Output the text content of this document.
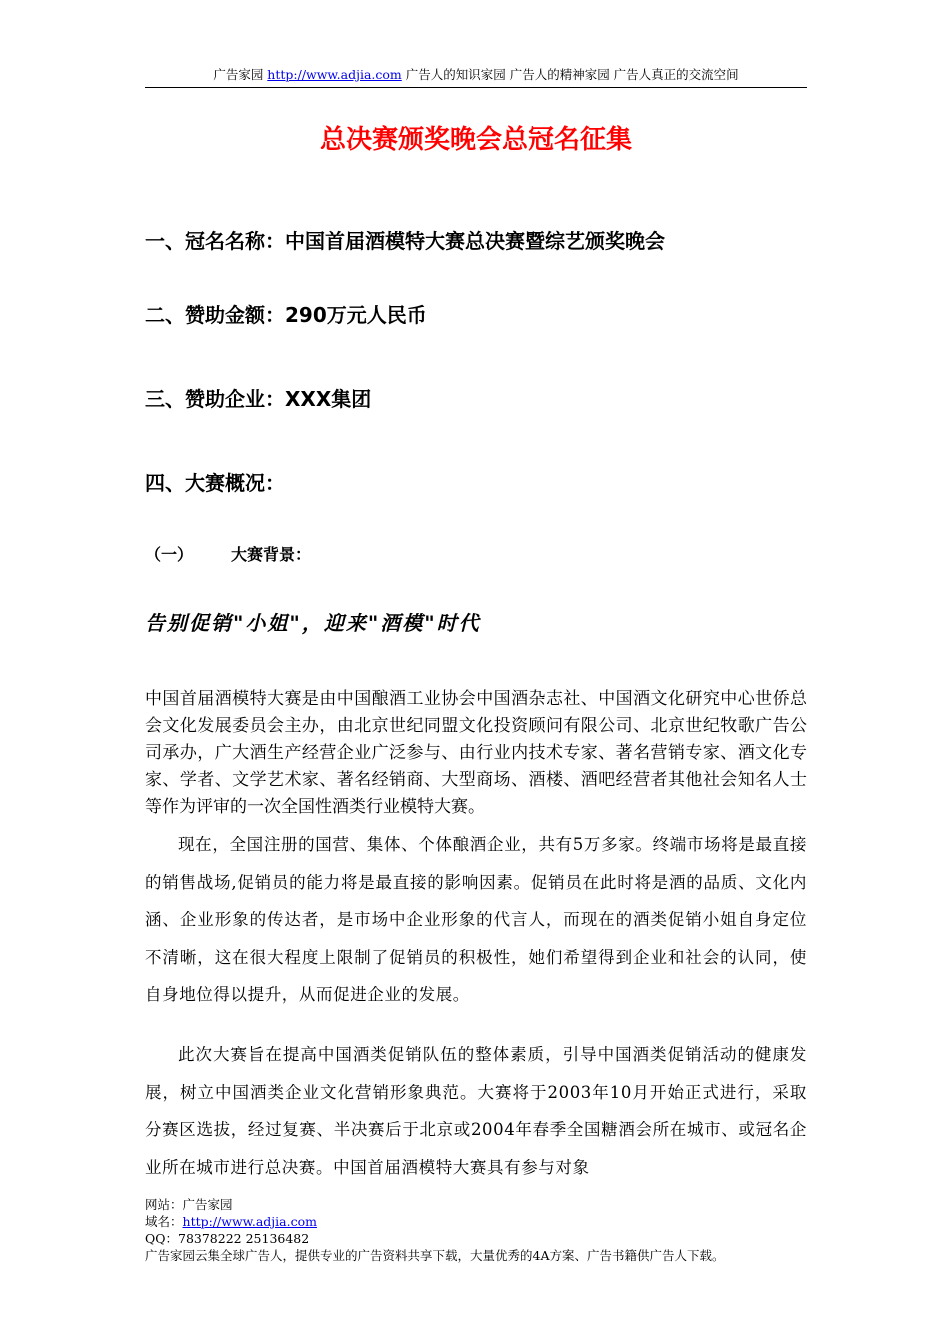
广告家园 http://www.adjia.com 广告人的知识家园 广告人的精神家园 广告人真正的交流空间
总决赛颁奖晚会总冠名征集
一、冠名名称：中国首届酒模特大赛总决赛暨综艺颁奖晚会
二、赞助金额：290万元人民币
三、赞助企业：XXX集团
四、大赛概况：
（一） 大赛背景：
告别促销"小姐"，迎来"酒模"时代
中国首届酒模特大赛是由中国酿酒工业协会中国酒杂志社、中国酒文化研究中心世侨总会文化发展委员会主办，由北京世纪同盟文化投资顾问有限公司、北京世纪牧歌广告公司承办，广大酒生产经营企业广泛参与、由行业内技术专家、著名营销专家、酒文化专家、学者、文学艺术家、著名经销商、大型商场、酒楼、酒吧经营者其他社会知名人士等作为评审的一次全国性酒类行业模特大赛。
现在，全国注册的国营、集体、个体酿酒企业，共有5万多家。终端市场将是最直接的销售战场,促销员的能力将是最直接的影响因素。促销员在此时将是酒的品质、文化内涵、企业形象的传达者，是市场中企业形象的代言人，而现在的酒类促销小姐自身定位不清晰，这在很大程度上限制了促销员的积极性，她们希望得到企业和社会的认同，使自身地位得以提升，从而促进企业的发展。
此次大赛旨在提高中国酒类促销队伍的整体素质，引导中国酒类促销活动的健康发展，树立中国酒类企业文化营销形象典范。大赛将于2003年10月开始正式进行，采取分赛区选拔，经过复赛、半决赛后于北京或2004年春季全国糖酒会所在城市、或冠名企业所在城市进行总决赛。中国首届酒模特大赛具有参与对象
网站：广告家园
域名：http://www.adjia.com
QQ：78378222 25136482
广告家园云集全球广告人，提供专业的广告资料共享下载，大量优秀的4A方案、广告书籍供广告人下载。
